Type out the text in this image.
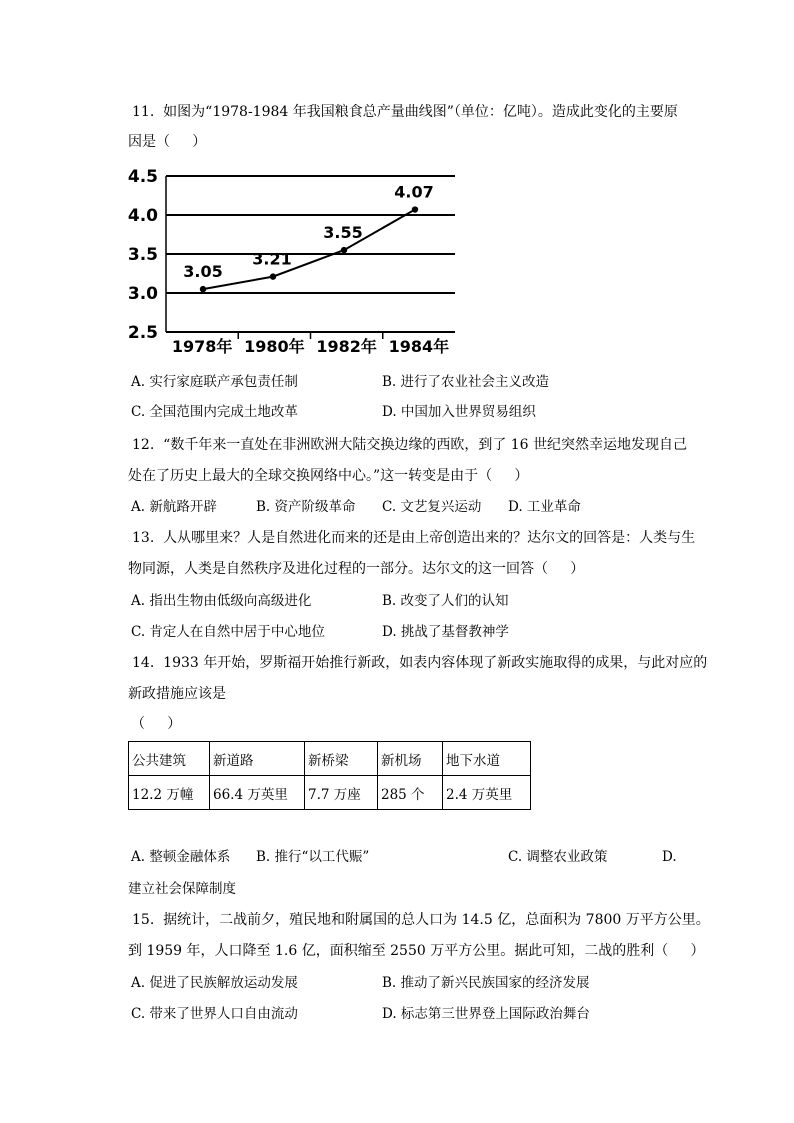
11.  如图为“1978-1984 年我国粮食总产量曲线图”（单位：亿吨）。造成此变化的主要原
因是（     ）
2.5
3.0
3.5
4.0
4.5
1978年 1980年 1982年 1984年
3.05
3.21
3.55
4.07
A. 实行家庭联产承包责任制	B. 进行了农业社会主义改造
C. 全国范围内完成土地改革	D. 中国加入世界贸易组织
12.  “数千年来一直处在非洲欧洲大陆交换边缘的西欧，到了 16 世纪突然幸运地发现自己
处在了历史上最大的全球交换网络中心。”这一转变是由于（     ）
A. 新航路开辟	B. 资产阶级革命 C. 文艺复兴运动 D. 工业革命
13.  人从哪里来？人是自然进化而来的还是由上帝创造出来的？达尔文的回答是：人类与生
物同源，人类是自然秩序及进化过程的一部分。达尔文的这一回答（     ）
A. 指出生物由低级向高级进化	B. 改变了人们的认知
C. 肯定人在自然中居于中心地位	D. 挑战了基督教神学
14.  1933 年开始，罗斯福开始推行新政，如表内容体现了新政实施取得的成果，与此对应的
新政措施应该是
（     ）
公共建筑	新道路	新桥梁	新机场	地下水道
12.2 万幢	66.4 万英里	7.7 万座	285 个	2.4 万英里
A. 整顿金融体系 B. 推行“以工代赈”	C. 调整农业政策	D.
建立社会保障制度
15.  据统计，二战前夕，殖民地和附属国的总人口为 14.5 亿，总面积为 7800 万平方公里。
到 1959 年，人口降至 1.6 亿，面积缩至 2550 万平方公里。据此可知，二战的胜利（     ）
A. 促进了民族解放运动发展	B. 推动了新兴民族国家的经济发展
C. 带来了世界人口自由流动	D. 标志第三世界登上国际政治舞台
